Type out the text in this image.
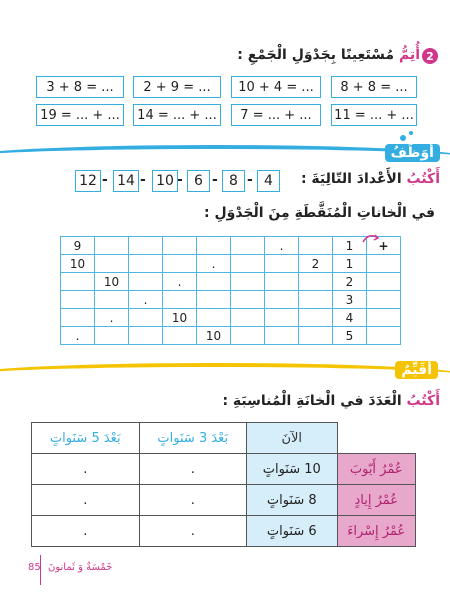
2
أُتِمُّ مُسْتَعِينًا بِجَدْوَلِ الْجَمْعِ :
8 + 8 = ...
10 + 4 = ...
2 + 9 = ...
3 + 8 = ...
11 = ... + ...
7 = ... + ...
14 = ... + ...
19 = ... + ...
أُوَظِّفُ
أَكْتُبُ الأَعْدادَ التّالِيَةَ :
4
-
8
-
6
-
10
-
14
-
12
في الْخاناتِ الْمُنَقَّطَةِ مِنَ الْجَدْوَلِ :
9						.		1	+
10				.			2	1	
	10		.					2	
		.						3	
	.		10					4	
.				10				5	
أُقَيِّمُ
أَكْتُبُ الْعَدَدَ في الْخانَةِ الْمُناسِبَةِ :
	الآنَ	بَعْدَ 3 سَنَواتٍ	بَعْدَ 5 سَنَواتٍ
عُمْرُ أَيّوبَ	10 سَنَواتٍ	.	.
عُمْرُ إِيادٍ	8 سَنَواتٍ	.	.
عُمْرُ إِسْراءَ	6 سَنَواتٍ	.	.
85 خَمْسَةٌ وَ ثَمانونَ
